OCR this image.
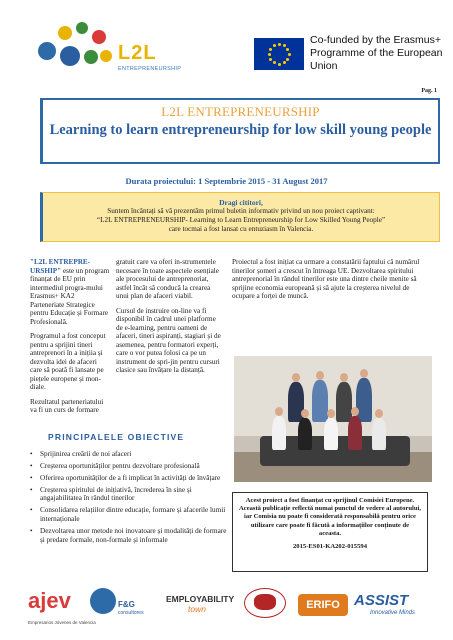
L2L
ENTREPRENEURSHIP
Co-funded by the Erasmus+ Programme of the European Union
Pag. 1
L2L ENTREPRENEURSHIP
Learning to learn entrepreneurship for low skill young people
Durata proiectului: 1 Septembrie 2015 - 31 August 2017
Dragi cititori,
Suntem încântați să vă prezentăm primul buletin informativ privind un nou proiect captivant:
“L2L ENTREPRENEURSHIP- Learning to Learn Entrepreneurship for Low Skilled Young People”
care tocmai a fost lansat cu entuziasm în Valencia.

"L2L ENTREPRE-URSHIP" este un program finanțat de EU prin intermediul progra-mului Erasmus+ KA2 Parteneriate Strategice pentru Educație și Formare Profesională.

Programul a fost conceput pentru a sprijini tineri antreprenori în a inițiia și dezvolta idei de afaceri care să poată fi lansate pe piețele europene și mon-diale.

Rezultatul parteneriatului va fi un curs de formare

gratuit care va oferi in-strumentele necesare în toate aspectele esențiale ale procesului de antreprenoriat, astfel încât să conducă la crearea unui plan de afaceri viabil.

Cursul de instruire on-line va fi disponibil în cadrul unei platforme de e-learning, pentru oameni de afaceri, tineri aspiranți, stagiari și de asemenea, pentru formatori experți, care o vor putea folosi ca pe un instrument de spri-jin pentru cursuri clasice sau învățare la distanță.

Proiectul a fost inițiat ca urmare a constatării faptului că numărul tinerilor șomeri a crescut în întreaga UE. Dezvoltarea spiritului antreprenorial în rândul tinerilor este una dintre cheile menite să sprijine economia europeană și să ajute la creșterea nivelul de ocupare a forței de muncă.

PRINCIPALELE OBIECTIVE
• Sprijinirea creării de noi afaceri
• Creșterea oportunităților pentru dezvoltare profesională
• Oferirea oportunităților de a fi implicat în activități de învățare
• Creșterea spiritului de inițiativă, încrederea în sine și angajabilitatea în rândul tinerilor
• Consolidarea relațiilor dintre educație, formare și afacerile lumii internaționale
• Dezvoltarea unor metode noi inovatoare și modalități de formare și predare formale, non-formale și informale
Acest proiect a fost finanțat cu sprijinul Comisiei Europene.
Această publicație reflectă numai punctul de vedere al autorului, iar Comisia nu poate fi considerată responsabilă pentru orice utilizare care poate fi făcută a informațiilor conținute de aceasta.
2015-ES01-KA202-015594
ajev
Empresarios Jóvenes de Valencia
F&G
consultores
EMPLOYABILITY
town	ERIFO ASSIST
Innovative Minds
